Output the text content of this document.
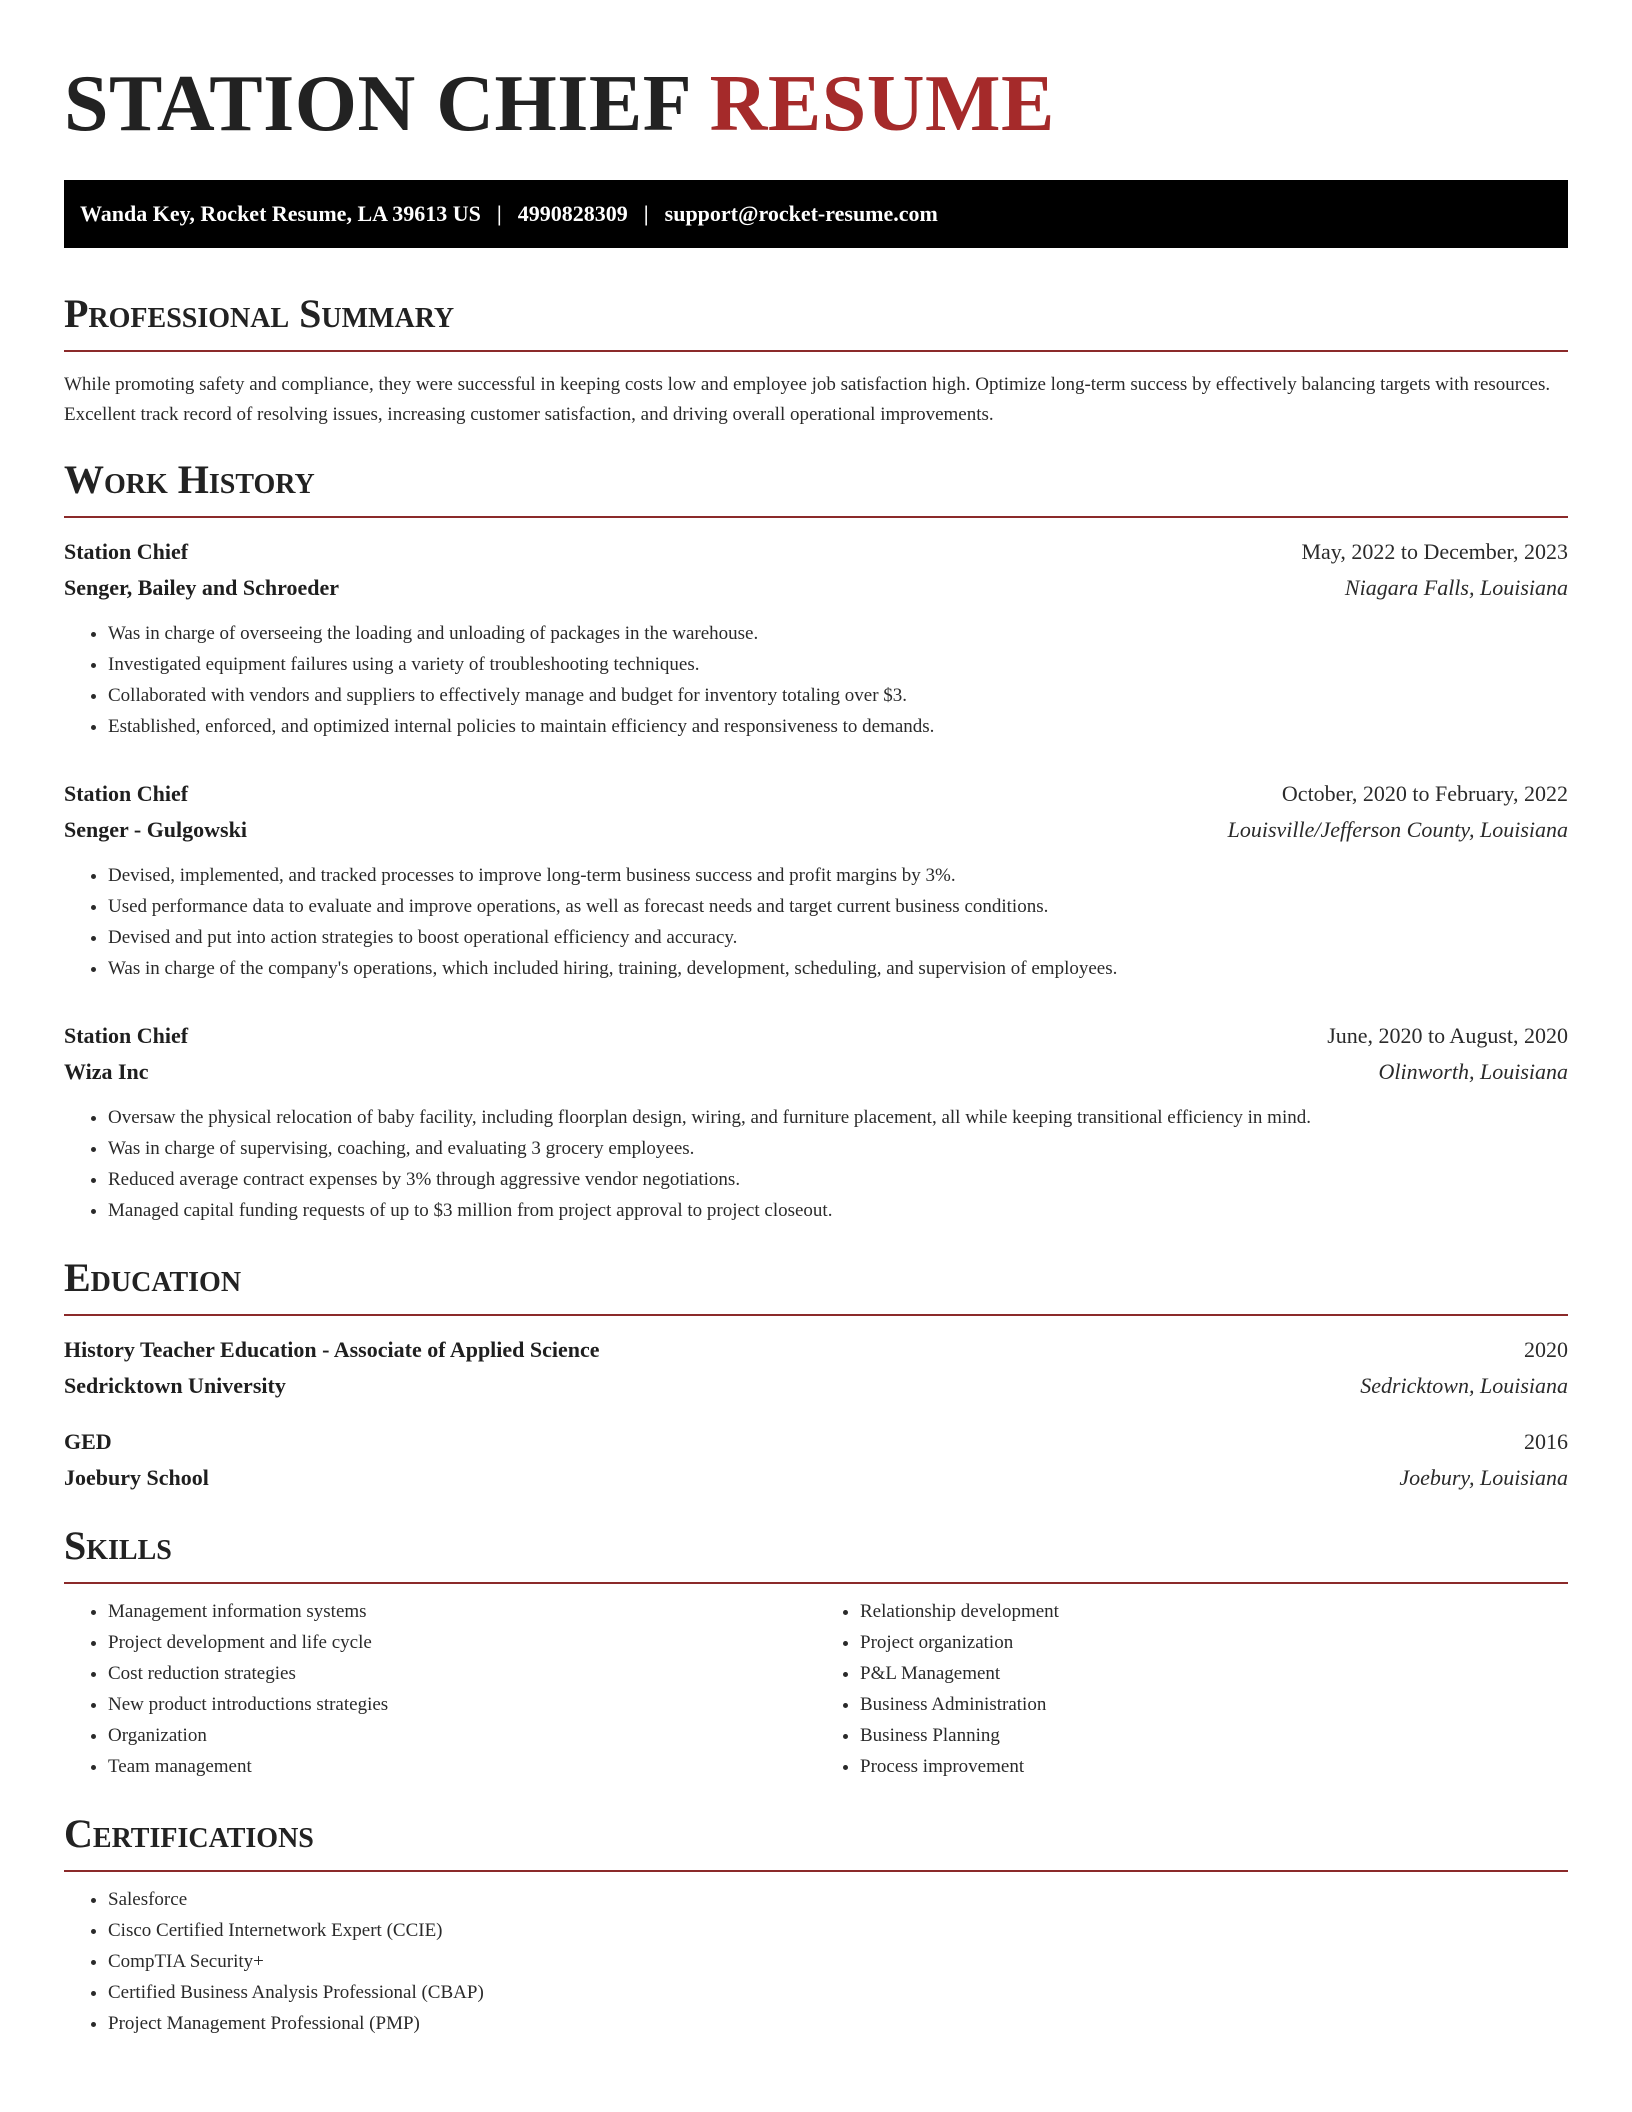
STATION CHIEF RESUME
Wanda Key, Rocket Resume, LA 39613 US | 4990828309 | support@rocket-resume.com
Professional Summary

While promoting safety and compliance, they were successful in keeping costs low and employee job satisfaction high. Optimize long-term success by effectively balancing targets with resources. Excellent track record of resolving issues, increasing customer satisfaction, and driving overall operational improvements.

Work History
Station Chief	May, 2022 to December, 2023
Senger, Bailey and Schroeder	Niagara Falls, Louisiana
• Was in charge of overseeing the loading and unloading of packages in the warehouse.
• Investigated equipment failures using a variety of troubleshooting techniques.
• Collaborated with vendors and suppliers to effectively manage and budget for inventory totaling over $3.
• Established, enforced, and optimized internal policies to maintain efficiency and responsiveness to demands.
Station Chief	October, 2020 to February, 2022
Senger - Gulgowski	Louisville/Jefferson County, Louisiana
• Devised, implemented, and tracked processes to improve long-term business success and profit margins by 3%.
• Used performance data to evaluate and improve operations, as well as forecast needs and target current business conditions.
• Devised and put into action strategies to boost operational efficiency and accuracy.
• Was in charge of the company's operations, which included hiring, training, development, scheduling, and supervision of employees.
Station Chief	June, 2020 to August, 2020
Wiza Inc	Olinworth, Louisiana
• Oversaw the physical relocation of baby facility, including floorplan design, wiring, and furniture placement, all while keeping transitional efficiency in mind.
• Was in charge of supervising, coaching, and evaluating 3 grocery employees.
• Reduced average contract expenses by 3% through aggressive vendor negotiations.
• Managed capital funding requests of up to $3 million from project approval to project closeout.
Education
History Teacher Education - Associate of Applied Science	2020
Sedricktown University	Sedricktown, Louisiana
GED	2016
Joebury School	Joebury, Louisiana
Skills
• Management information systems
• Project development and life cycle
• Cost reduction strategies
• New product introductions strategies
• Organization
• Team management
• Relationship development
• Project organization
• P&L Management
• Business Administration
• Business Planning
• Process improvement
Certifications
• Salesforce
• Cisco Certified Internetwork Expert (CCIE)
• CompTIA Security+
• Certified Business Analysis Professional (CBAP)
• Project Management Professional (PMP)
